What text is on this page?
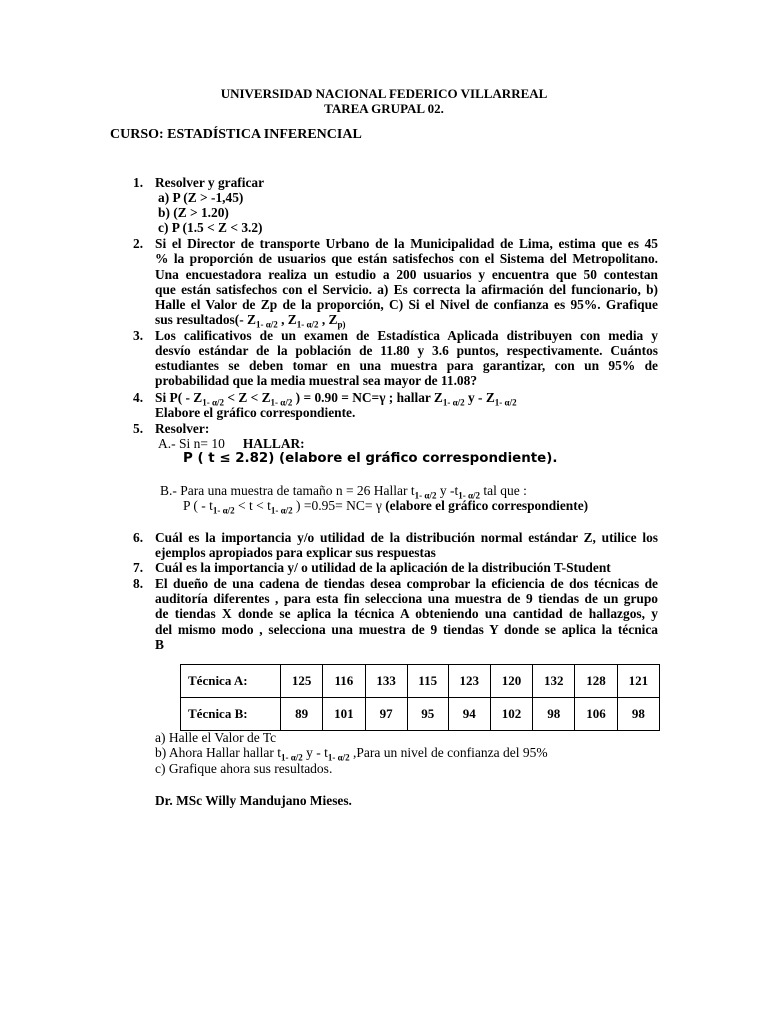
UNIVERSIDAD NACIONAL FEDERICO VILLARREAL
TAREA GRUPAL 02.
CURSO: ESTADÍSTICA INFERENCIAL
1. Resolver y graficar
a) P (Z > -1,45)
b) (Z > 1.20)
c) P (1.5 < Z < 3.2)
2. Si el Director de transporte Urbano de la Municipalidad de Lima, estima que es 45
% la proporción de usuarios que están satisfechos con el Sistema del Metropolitano.
Una encuestadora realiza un estudio a 200 usuarios y encuentra que 50 contestan
que están satisfechos con el Servicio. a) Es correcta la afirmación del funcionario, b)
Halle el Valor de Zp de la proporción, C) Si el Nivel de confianza es 95%. Grafique
sus resultados(- $Z_{1- \alpha/2}$ , $Z_{1- \alpha/2}$ , $Z_{p)}$
3. Los calificativos de un examen de Estadística Aplicada distribuyen con media y
desvío estándar de la población de 11.80 y 3.6 puntos, respectivamente. Cuántos
estudiantes se deben tomar en una muestra para garantizar, con un 95% de
probabilidad que la media muestral sea mayor de 11.08?
4. Si $P( - Z_{1- \alpha/2} < Z < Z_{1- \alpha/2}$ ) = 0.90 = NC=γ ; hallar $Z_{1- \alpha/2}$ y - $Z_{1- \alpha/2}$
Elabore el gráfico correspondiente.
5. Resolver:
A.- Si n= 10 HALLAR:
P ( t ≤ 2.82) (elabore el gráfico correspondiente).
B.- Para una muestra de tamaño n = 26 Hallar $t_{1- \alpha/2}$ y $-t_{1- \alpha/2}$ tal que :
P ( - $t_{1- \alpha/2} < t < t_{1- \alpha/2}$ ) =0.95= NC= γ (elabore el gráfico correspondiente)
6. Cuál es la importancia y/o utilidad de la distribución normal estándar Z, utilice los
ejemplos apropiados para explicar sus respuestas
7. Cuál es la importancia y/ o utilidad de la aplicación de la distribución T-Student
8. El dueño de una cadena de tiendas desea comprobar la eficiencia de dos técnicas de
auditoría diferentes , para esta fin selecciona una muestra de 9 tiendas de un grupo
de tiendas X donde se aplica la técnica A obteniendo una cantidad de hallazgos, y
del mismo modo , selecciona una muestra de 9 tiendas Y donde se aplica la técnica
B
Técnica A:	125	116	133	115	123	120	132	128	121
Técnica B:	89	101	97	95	94	102	98	106	98
a) Halle el Valor de Tc
b) Ahora Hallar hallar $t_{1- \alpha/2}$ y - $t_{1- \alpha/2}$ ,Para un nivel de confianza del 95%
c) Grafique ahora sus resultados.
Dr. MSc Willy Mandujano Mieses.
